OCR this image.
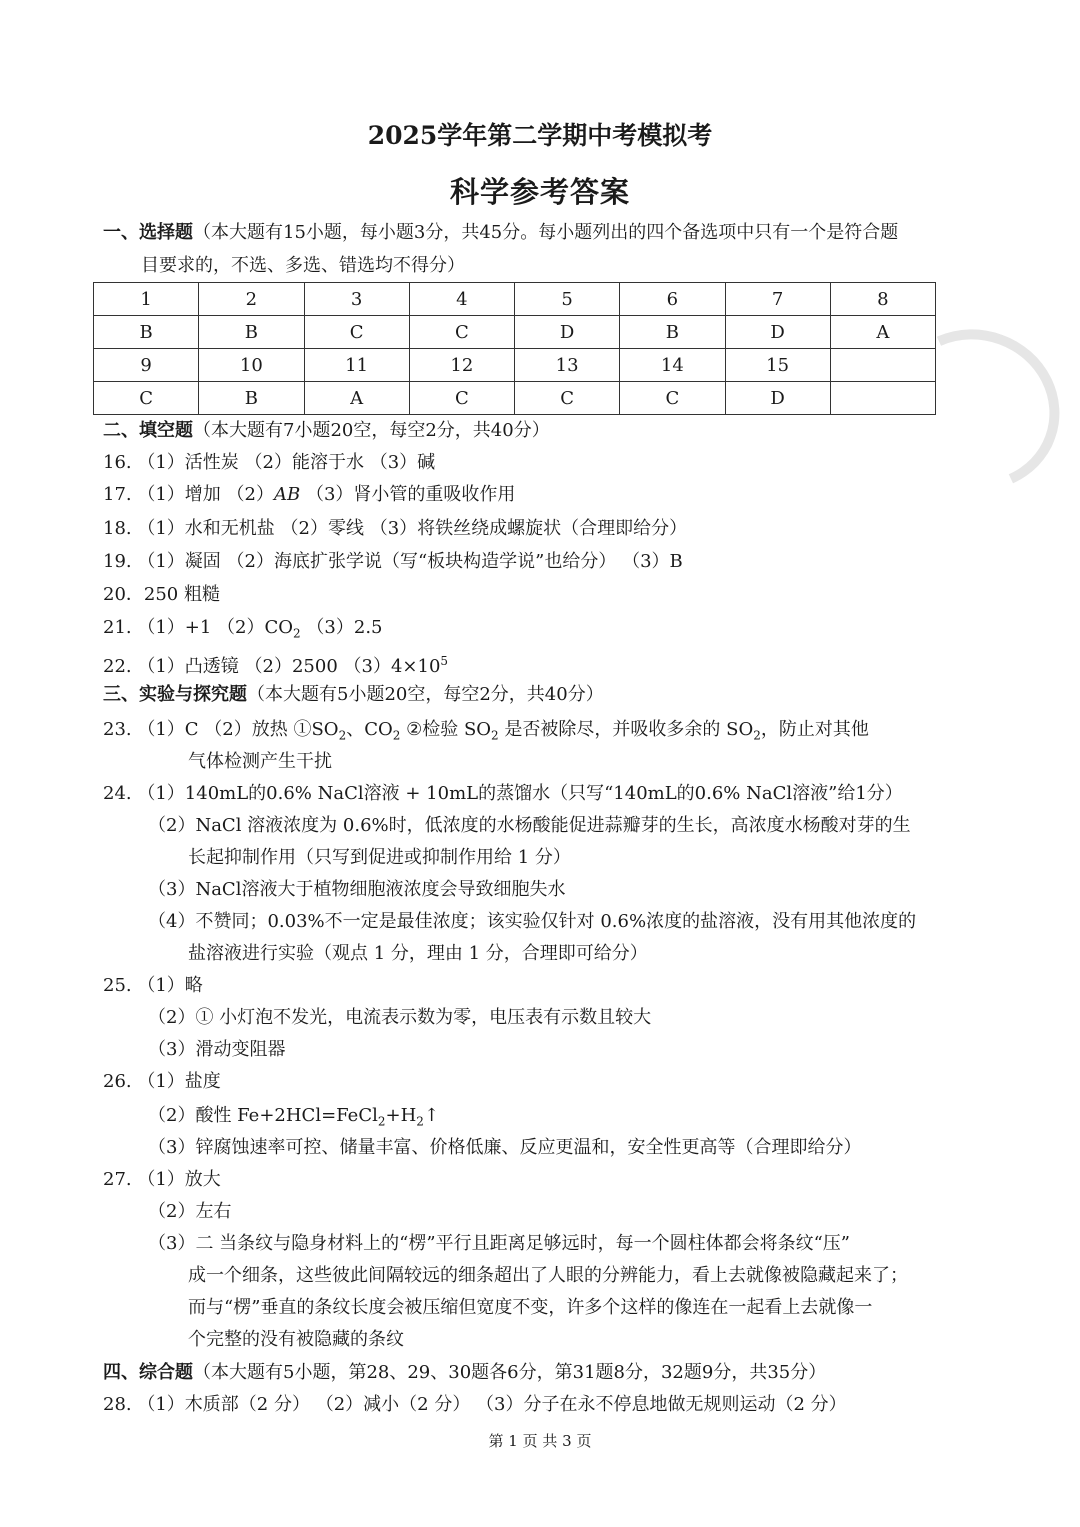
2025学年第二学期中考模拟考
科学参考答案

一、选择题（本大题有15小题，每小题3分，共45分。每小题列出的四个备选项中只有一个是符合题

目要求的，不选、多选、错选均不得分）

1	2	3	4	5	6	7	8
B	B	C	C	D	B	D	A
9	10	11	12	13	14	15	
C	B	A	C	C	C	D	

二、填空题（本大题有7小题20空，每空2分，共40分）

16. （1）活性炭 （2）能溶于水 （3）碱

17. （1）增加 （2）AB （3）肾小管的重吸收作用

18. （1）水和无机盐 （2）零线 （3）将铁丝绕成螺旋状（合理即给分）

19. （1）凝固 （2）海底扩张学说（写“板块构造学说”也给分） （3）B

20．250 粗糙

21. （1）+1 $(2)CO_2$ （3）2.5

22. （1）凸透镜 （2）2500 $(3)4\times 10^5$

三、实验与探究题（本大题有5小题20空，每空2分，共40分）

23. （1）C （2）放热 $①SO_2$、$CO_2$ ②检验 $SO_2$ 是否被除尽，并吸收多余的 $SO_2$，防止对其他

气体检测产生干扰

24. （1）140mL的0.6% NaCl溶液 + 10mL的蒸馏水（只写“140mL的0.6% NaCl溶液”给1分）

（2）NaCl 溶液浓度为 0.6%时，低浓度的水杨酸能促进蒜瓣芽的生长，高浓度水杨酸对芽的生

长起抑制作用（只写到促进或抑制作用给 1 分）

（3）NaCl溶液大于植物细胞液浓度会导致细胞失水

（4）不赞同；0.03%不一定是最佳浓度；该实验仅针对 0.6%浓度的盐溶液，没有用其他浓度的

盐溶液进行实验（观点 1 分，理由 1 分，合理即可给分）

25. （1）略

（2）① 小灯泡不发光，电流表示数为零，电压表有示数且较大

（3）滑动变阻器

26. （1）盐度

（2）酸性 $Fe+2HCl=FeCl_2+H_2↑$

（3）锌腐蚀速率可控、储量丰富、价格低廉、反应更温和，安全性更高等（合理即给分）

27. （1）放大

（2）左右

（3）二 当条纹与隐身材料上的“楞”平行且距离足够远时，每一个圆柱体都会将条纹“压”

成一个细条，这些彼此间隔较远的细条超出了人眼的分辨能力，看上去就像被隐藏起来了；

而与“楞”垂直的条纹长度会被压缩但宽度不变，许多个这样的像连在一起看上去就像一

个完整的没有被隐藏的条纹

四、综合题（本大题有5小题，第28、29、30题各6分，第31题8分，32题9分，共35分）

28. （1）木质部（2 分） （2）减小（2 分） （3）分子在永不停息地做无规则运动（2 分）

第 1 页 共 3 页
